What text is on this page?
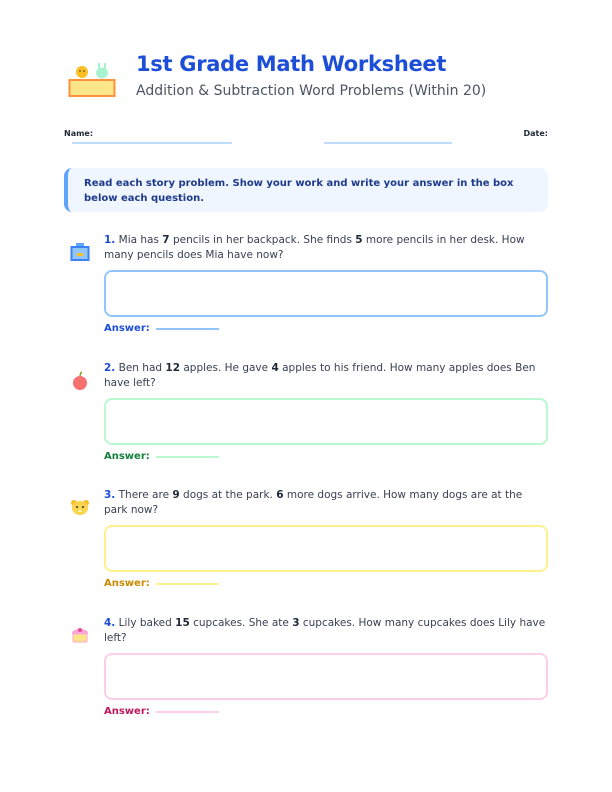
1st Grade Math Worksheet
Addition & Subtraction Word Problems (Within 20)
Name:	Date:
Read each story problem. Show your work and write your answer in the box below each question.
1. Mia has 7 pencils in her backpack. She finds 5 more pencils in her desk. How many pencils does Mia have now?
Answer:
2. Ben had 12 apples. He gave 4 apples to his friend. How many apples does Ben have left?
Answer:
3. There are 9 dogs at the park. 6 more dogs arrive. How many dogs are at the park now?
Answer:
4. Lily baked 15 cupcakes. She ate 3 cupcakes. How many cupcakes does Lily have left?
Answer:
